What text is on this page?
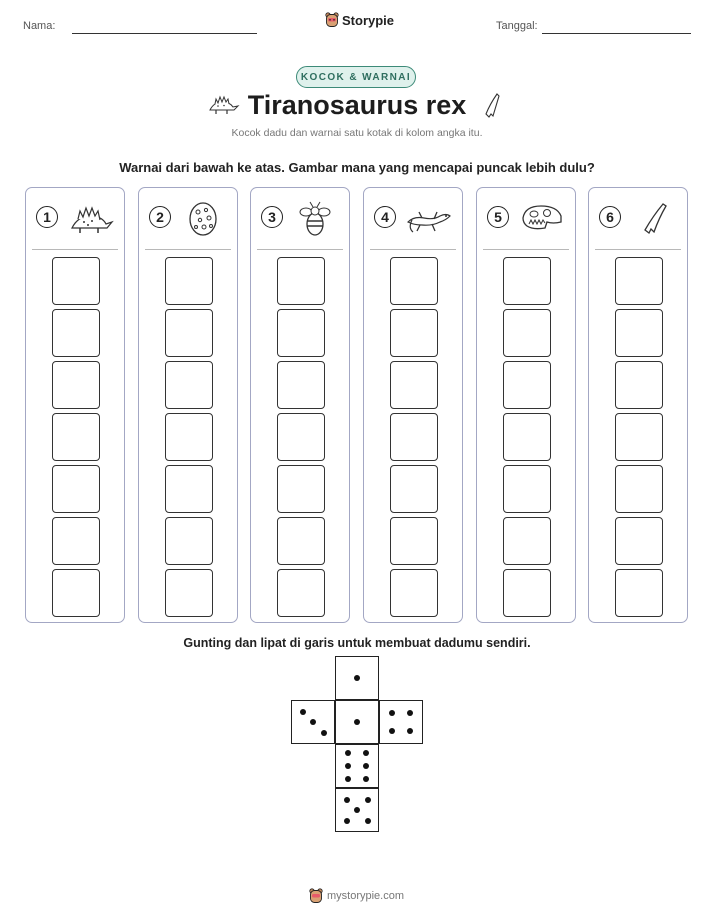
Nama:	Storypie	Tanggal:
KOCOK & WARNAI
Tiranosaurus rex
Kocok dadu dan warnai satu kotak di kolom angka itu.
Warnai dari bawah ke atas. Gambar mana yang mencapai puncak lebih dulu?
1	2	3	4	5	6
Gunting dan lipat di garis untuk membuat dadumu sendiri.
mystorypie.com
